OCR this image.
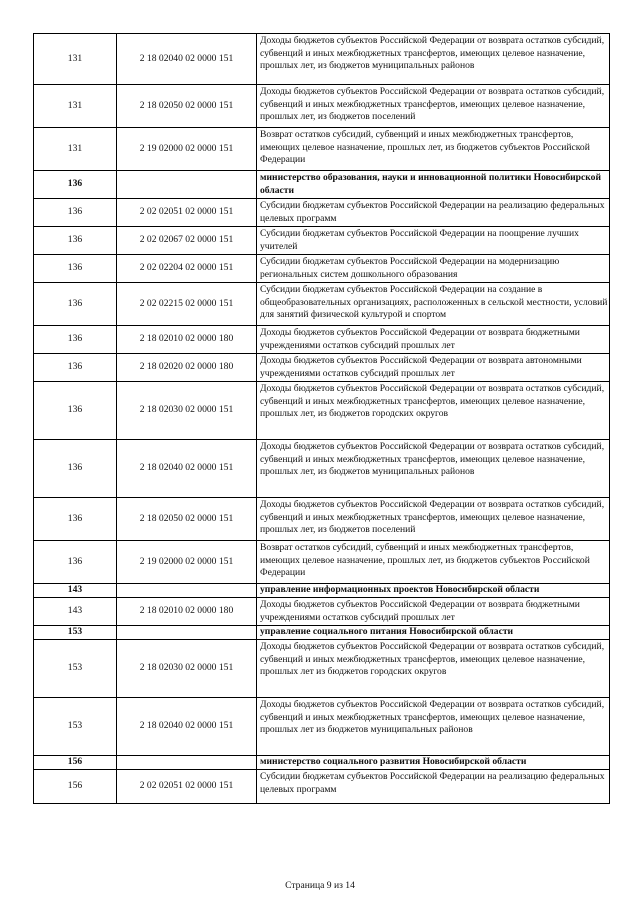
131	2 18 02040 02 0000 151	Доходы бюджетов субъектов Российской Федерации от возврата остатков субсидий, субвенций и иных межбюджетных трансфертов, имеющих целевое назначение, прошлых лет, из бюджетов муниципальных районов
131	2 18 02050 02 0000 151	Доходы бюджетов субъектов Российской Федерации от возврата остатков субсидий, субвенций и иных межбюджетных трансфертов, имеющих целевое назначение, прошлых лет, из бюджетов поселений
131	2 19 02000 02 0000 151	Возврат остатков субсидий, субвенций и иных межбюджетных трансфертов, имеющих целевое назначение, прошлых лет, из бюджетов субъектов Российской Федерации
136		министерство образования, науки и инновационной политики Новосибирской области
136	2 02 02051 02 0000 151	Субсидии бюджетам субъектов Российской Федерации на реализацию федеральных целевых программ
136	2 02 02067 02 0000 151	Субсидии бюджетам субъектов Российской Федерации на поощрение лучших учителей
136	2 02 02204 02 0000 151	Субсидии бюджетам субъектов Российской Федерации на модернизацию региональных систем дошкольного образования
136	2 02 02215 02 0000 151	Субсидии бюджетам субъектов Российской Федерации на создание в общеобразовательных организациях, расположенных в сельской местности, условий для занятий физической культурой и спортом
136	2 18 02010 02 0000 180	Доходы бюджетов субъектов Российской Федерации от возврата бюджетными учреждениями остатков субсидий прошлых лет
136	2 18 02020 02 0000 180	Доходы бюджетов субъектов Российской Федерации от возврата автономными учреждениями остатков субсидий прошлых лет
136	2 18 02030 02 0000 151	Доходы бюджетов субъектов Российской Федерации от возврата остатков субсидий, субвенций и иных межбюджетных трансфертов, имеющих целевое назначение, прошлых лет, из бюджетов городских округов
136	2 18 02040 02 0000 151	Доходы бюджетов субъектов Российской Федерации от возврата остатков субсидий, субвенций и иных межбюджетных трансфертов, имеющих целевое назначение, прошлых лет, из бюджетов муниципальных районов
136	2 18 02050 02 0000 151	Доходы бюджетов субъектов Российской Федерации от возврата остатков субсидий, субвенций и иных межбюджетных трансфертов, имеющих целевое назначение, прошлых лет, из бюджетов поселений
136	2 19 02000 02 0000 151	Возврат остатков субсидий, субвенций и иных межбюджетных трансфертов, имеющих целевое назначение, прошлых лет, из бюджетов субъектов Российской Федерации
143		управление информационных проектов Новосибирской области
143	2 18 02010 02 0000 180	Доходы бюджетов субъектов Российской Федерации от возврата бюджетными учреждениями остатков субсидий прошлых лет
153		управление социального питания Новосибирской области
153	2 18 02030 02 0000 151	Доходы бюджетов субъектов Российской Федерации от возврата остатков субсидий, субвенций и иных межбюджетных трансфертов, имеющих целевое назначение, прошлых лет из бюджетов городских округов
153	2 18 02040 02 0000 151	Доходы бюджетов субъектов Российской Федерации от возврата остатков субсидий, субвенций и иных межбюджетных трансфертов, имеющих целевое назначение, прошлых лет из бюджетов муниципальных районов
156		министерство социального развития Новосибирской области
156	2 02 02051 02 0000 151	Субсидии бюджетам субъектов Российской Федерации на реализацию федеральных целевых программ
Страница 9 из 14
